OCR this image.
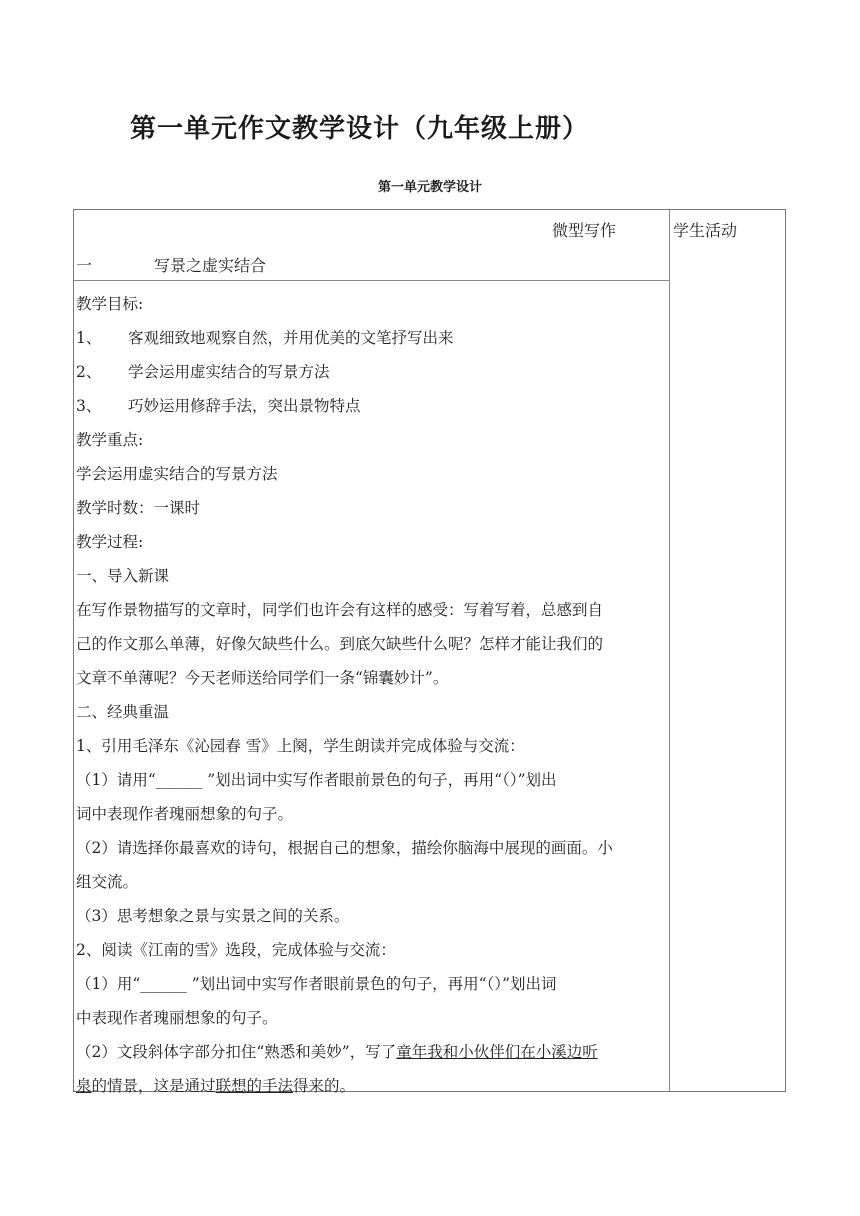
第一单元作文教学设计（九年级上册）
第一单元教学设计
微型写作	学生活动
一	写景之虚实结合
教学目标:
1、 客观细致地观察自然，并用优美的文笔抒写出来
2、 学会运用虚实结合的写景方法
3、 巧妙运用修辞手法，突出景物特点
教学重点:
学会运用虚实结合的写景方法
教学时数：一课时
教学过程:
一、导入新课
在写作景物描写的文章时，同学们也许会有这样的感受：写着写着，总感到自
己的作文那么单薄，好像欠缺些什么。到底欠缺些什么呢？怎样才能让我们的
文章不单薄呢？今天老师送给同学们一条“锦囊妙计”。
二、经典重温
1、引用毛泽东《沁园春 雪》上阕，学生朗读并完成体验与交流：
（1）请用“______ ”划出词中实写作者眼前景色的句子，再用“（）”划出
词中表现作者瑰丽想象的句子。
（2）请选择你最喜欢的诗句，根据自己的想象，描绘你脑海中展现的画面。小
组交流。
（3）思考想象之景与实景之间的关系。
2、阅读《江南的雪》选段，完成体验与交流：
（1）用“______ ”划出词中实写作者眼前景色的句子，再用“（）”划出词
中表现作者瑰丽想象的句子。
（2）文段斜体字部分扣住“熟悉和美妙”，写了童年我和小伙伴们在小溪边听
泉的情景，这是通过联想的手法得来的。
